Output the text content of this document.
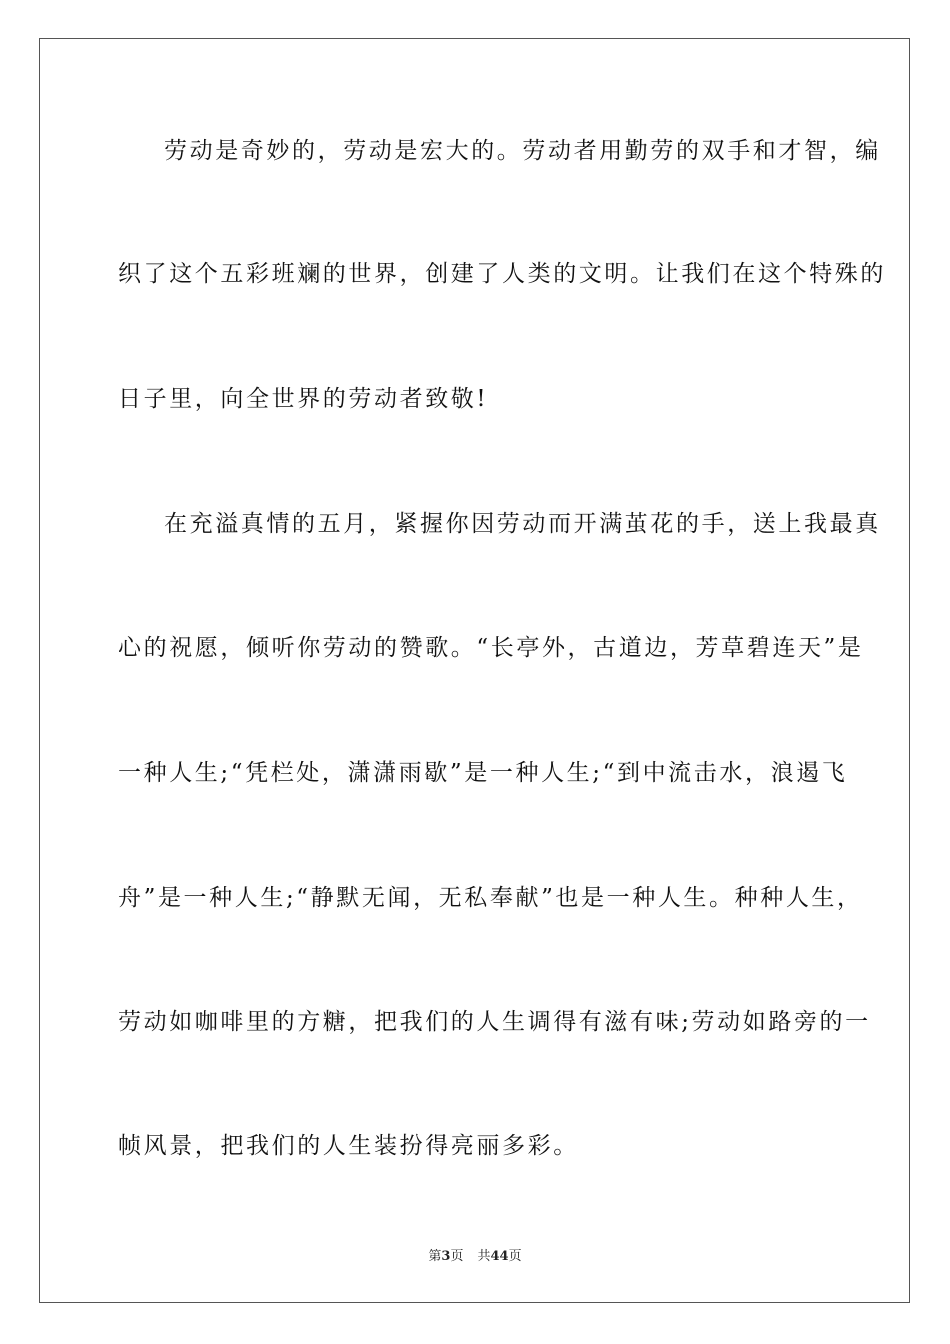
劳动是奇妙的，劳动是宏大的。劳动者用勤劳的双手和才智，编
织了这个五彩班斓的世界，创建了人类的文明。让我们在这个特殊的
日子里，向全世界的劳动者致敬!
在充溢真情的五月，紧握你因劳动而开满茧花的手，送上我最真
心的祝愿，倾听你劳动的赞歌。“长亭外，古道边，芳草碧连天”是
一种人生;“凭栏处，潇潇雨歇”是一种人生;“到中流击水，浪遏飞
舟”是一种人生;“静默无闻，无私奉献”也是一种人生。种种人生，
劳动如咖啡里的方糖，把我们的人生调得有滋有味;劳动如路旁的一
帧风景，把我们的人生装扮得亮丽多彩。
第3页 共44页
